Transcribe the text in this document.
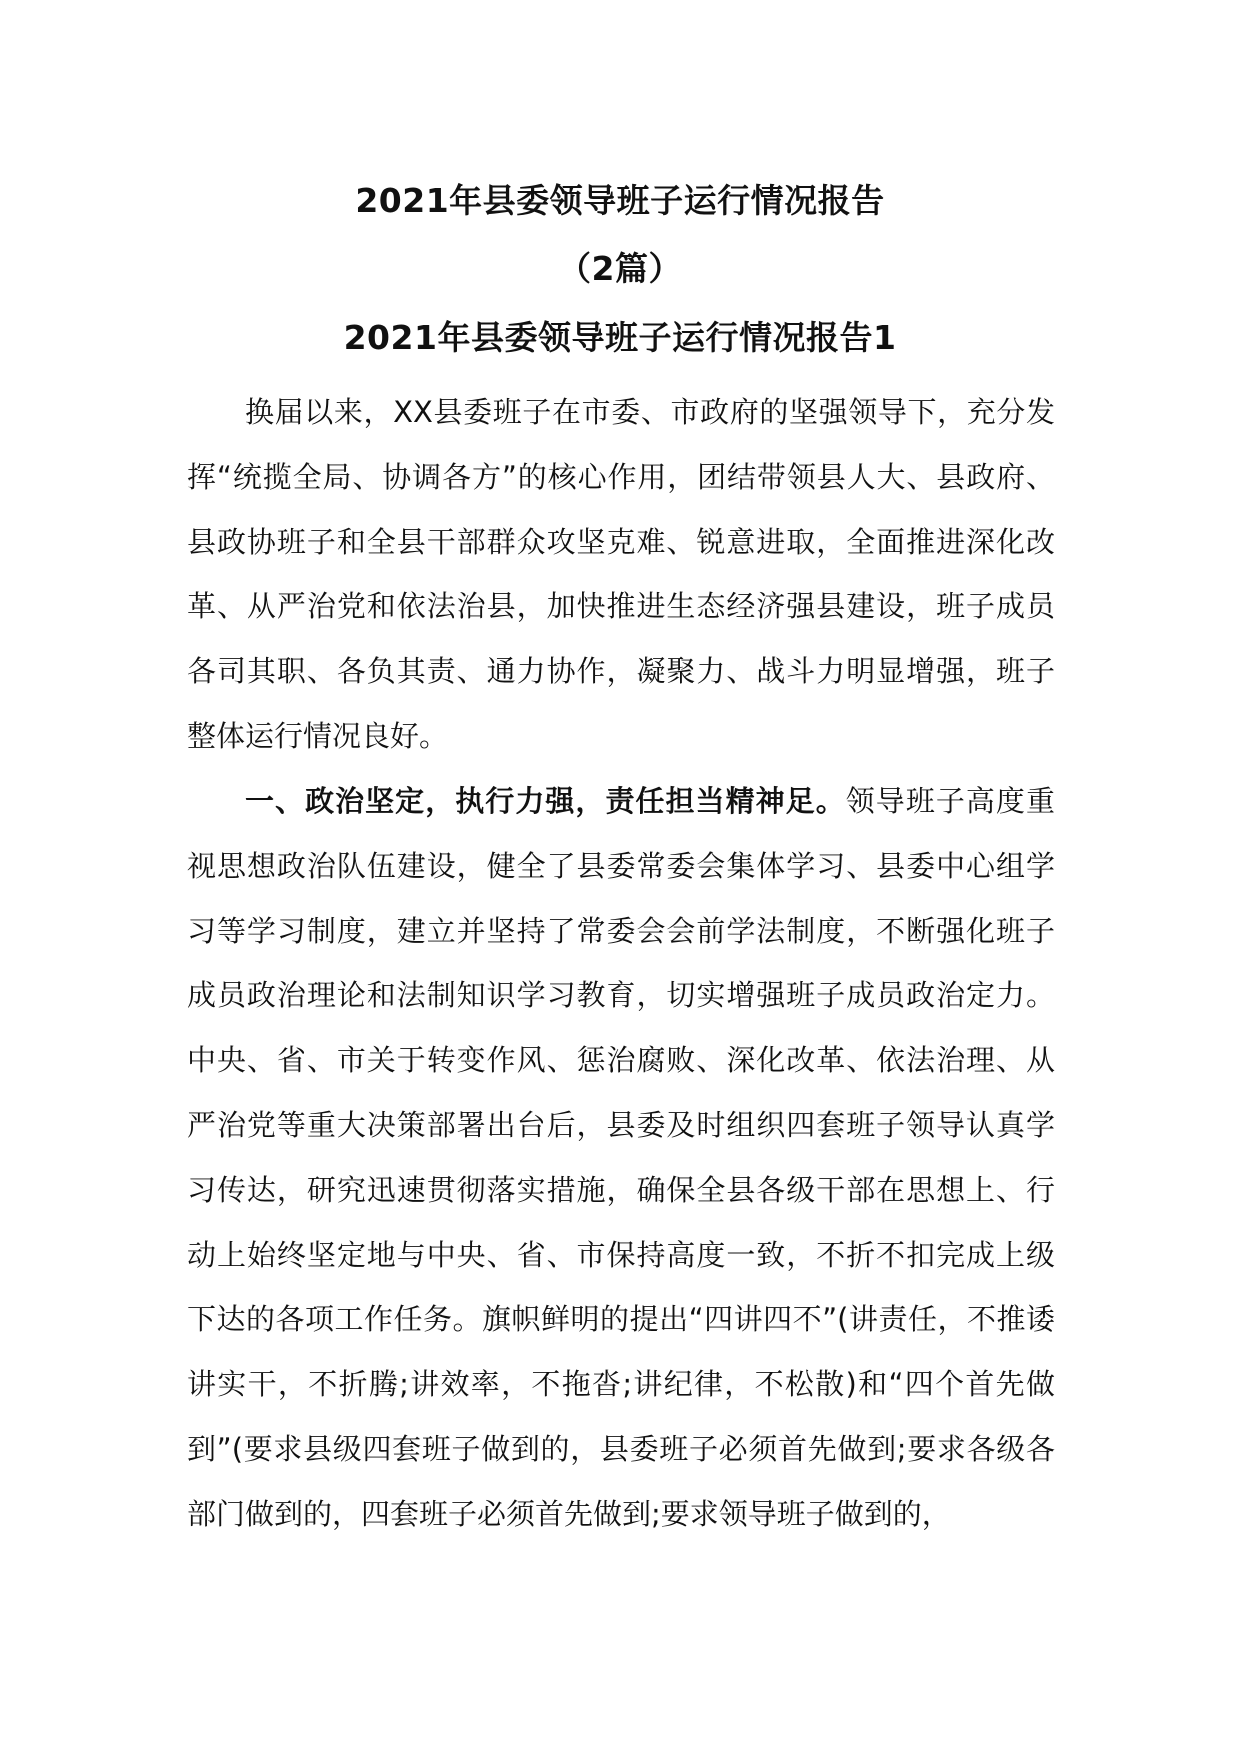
2021年县委领导班子运行情况报告
（2篇）
2021年县委领导班子运行情况报告1

换届以来，XX县委班子在市委、市政府的坚强领导下，充分发挥“统揽全局、协调各方”的核心作用，团结带领县人大、县政府、县政协班子和全县干部群众攻坚克难、锐意进取，全面推进深化改革、从严治党和依法治县，加快推进生态经济强县建设，班子成员各司其职、各负其责、通力协作，凝聚力、战斗力明显增强，班子整体运行情况良好。

一、政治坚定，执行力强，责任担当精神足。领导班子高度重视思想政治队伍建设，健全了县委常委会集体学习、县委中心组学习等学习制度，建立并坚持了常委会会前学法制度，不断强化班子成员政治理论和法制知识学习教育，切实增强班子成员政治定力。中央、省、市关于转变作风、惩治腐败、深化改革、依法治理、从严治党等重大决策部署出台后，县委及时组织四套班子领导认真学习传达，研究迅速贯彻落实措施，确保全县各级干部在思想上、行动上始终坚定地与中央、省、市保持高度一致，不折不扣完成上级下达的各项工作任务。旗帜鲜明的提出“四讲四不”(讲责任，不推诿讲实干，不折腾;讲效率，不拖沓;讲纪律，不松散)和“四个首先做到”(要求县级四套班子做到的，县委班子必须首先做到;要求各级各部门做到的，四套班子必须首先做到;要求领导班子做到的，
